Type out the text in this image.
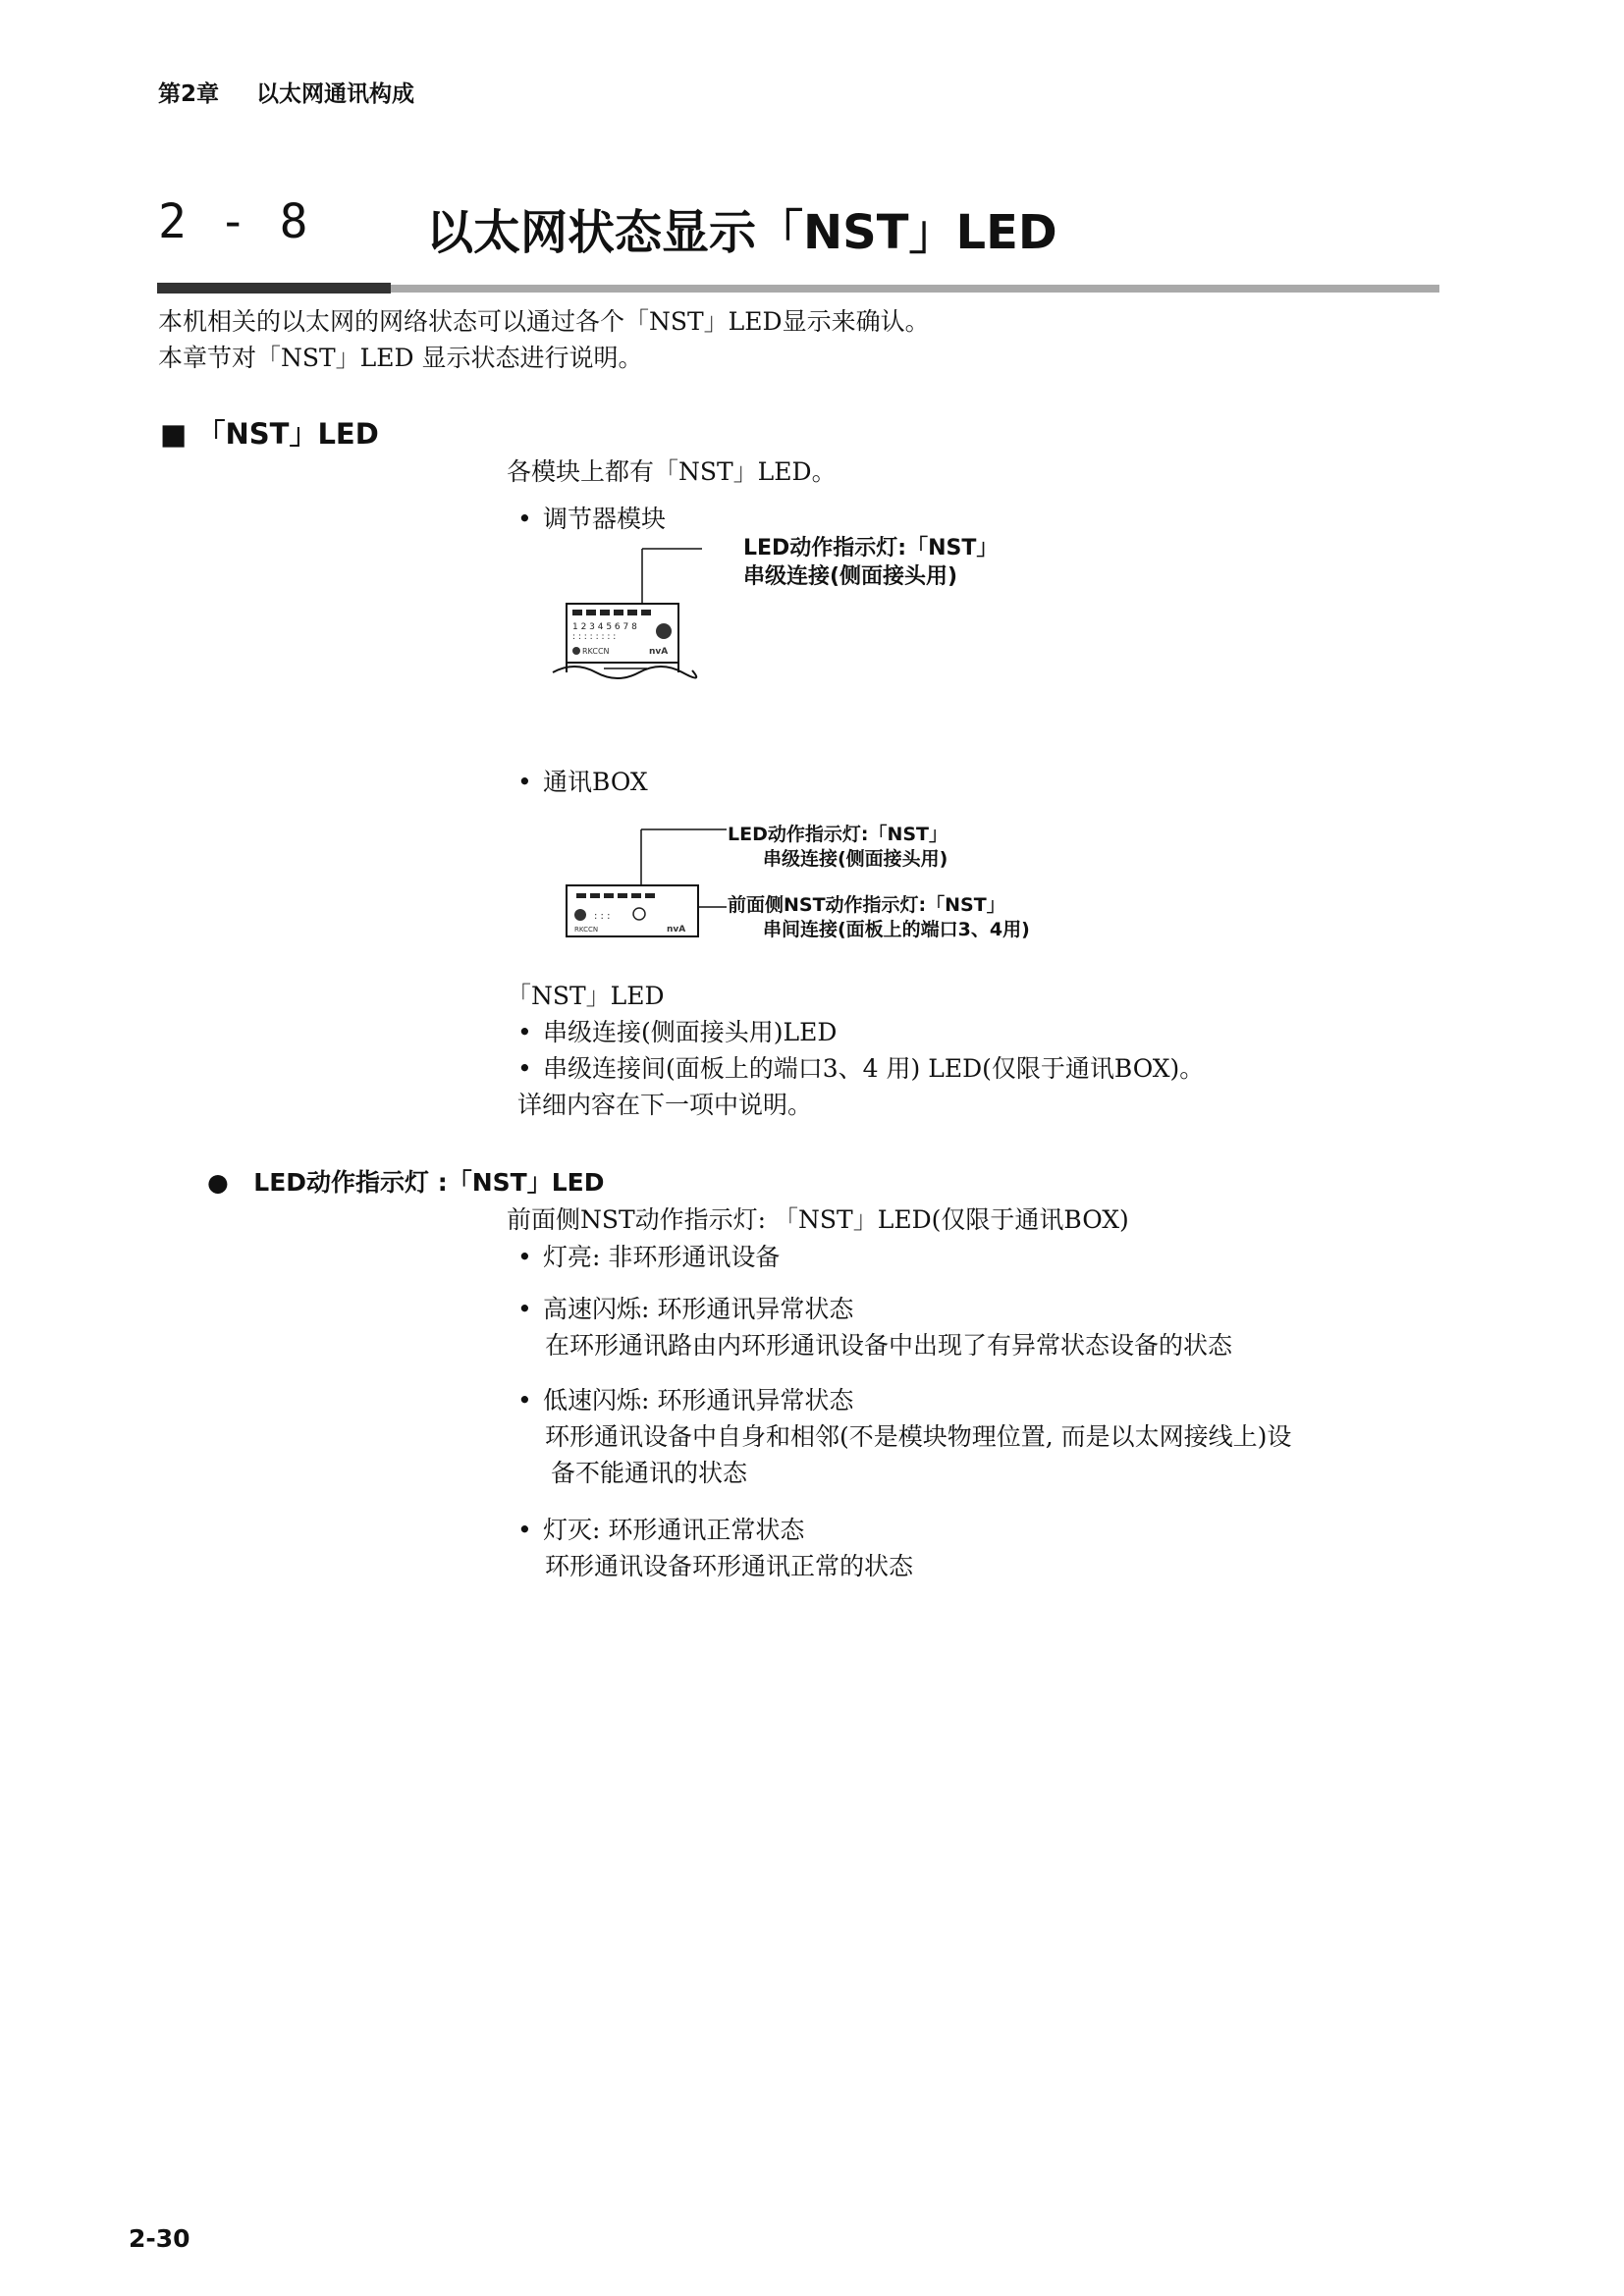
第2章 以太网通讯构成
2 - 8 以太网状态显示「NST」LED
本机相关的以太网的网络状态可以通过各个「NST」LED显示来确认。
本章节对「NST」LED 显示状态进行说明。
■ 「NST」LED
各模块上都有「NST」LED。
• 调节器模块
1 2 3 4 5 6 7 8
: : : : : : : :
RKCCN	nvA
LED动作指示灯:「NST」
串级连接(侧面接头用)
• 通讯BOX
: : :
RKCCN	nvA
LED动作指示灯:「NST」
串级连接(侧面接头用)
前面侧NST动作指示灯:「NST」
串间连接(面板上的端口3、4用)
「NST」LED
• 串级连接(侧面接头用)LED
• 串级连接间(面板上的端口3、4 用) LED(仅限于通讯BOX)。
详细内容在下一项中说明。
● LED动作指示灯 :「NST」LED
前面侧NST动作指示灯: 「NST」LED(仅限于通讯BOX)
• 灯亮: 非环形通讯设备
• 高速闪烁: 环形通讯异常状态
在环形通讯路由内环形通讯设备中出现了有异常状态设备的状态
• 低速闪烁: 环形通讯异常状态
环形通讯设备中自身和相邻(不是模块物理位置, 而是以太网接线上)设
备不能通讯的状态
• 灯灭: 环形通讯正常状态
环形通讯设备环形通讯正常的状态
2-30
